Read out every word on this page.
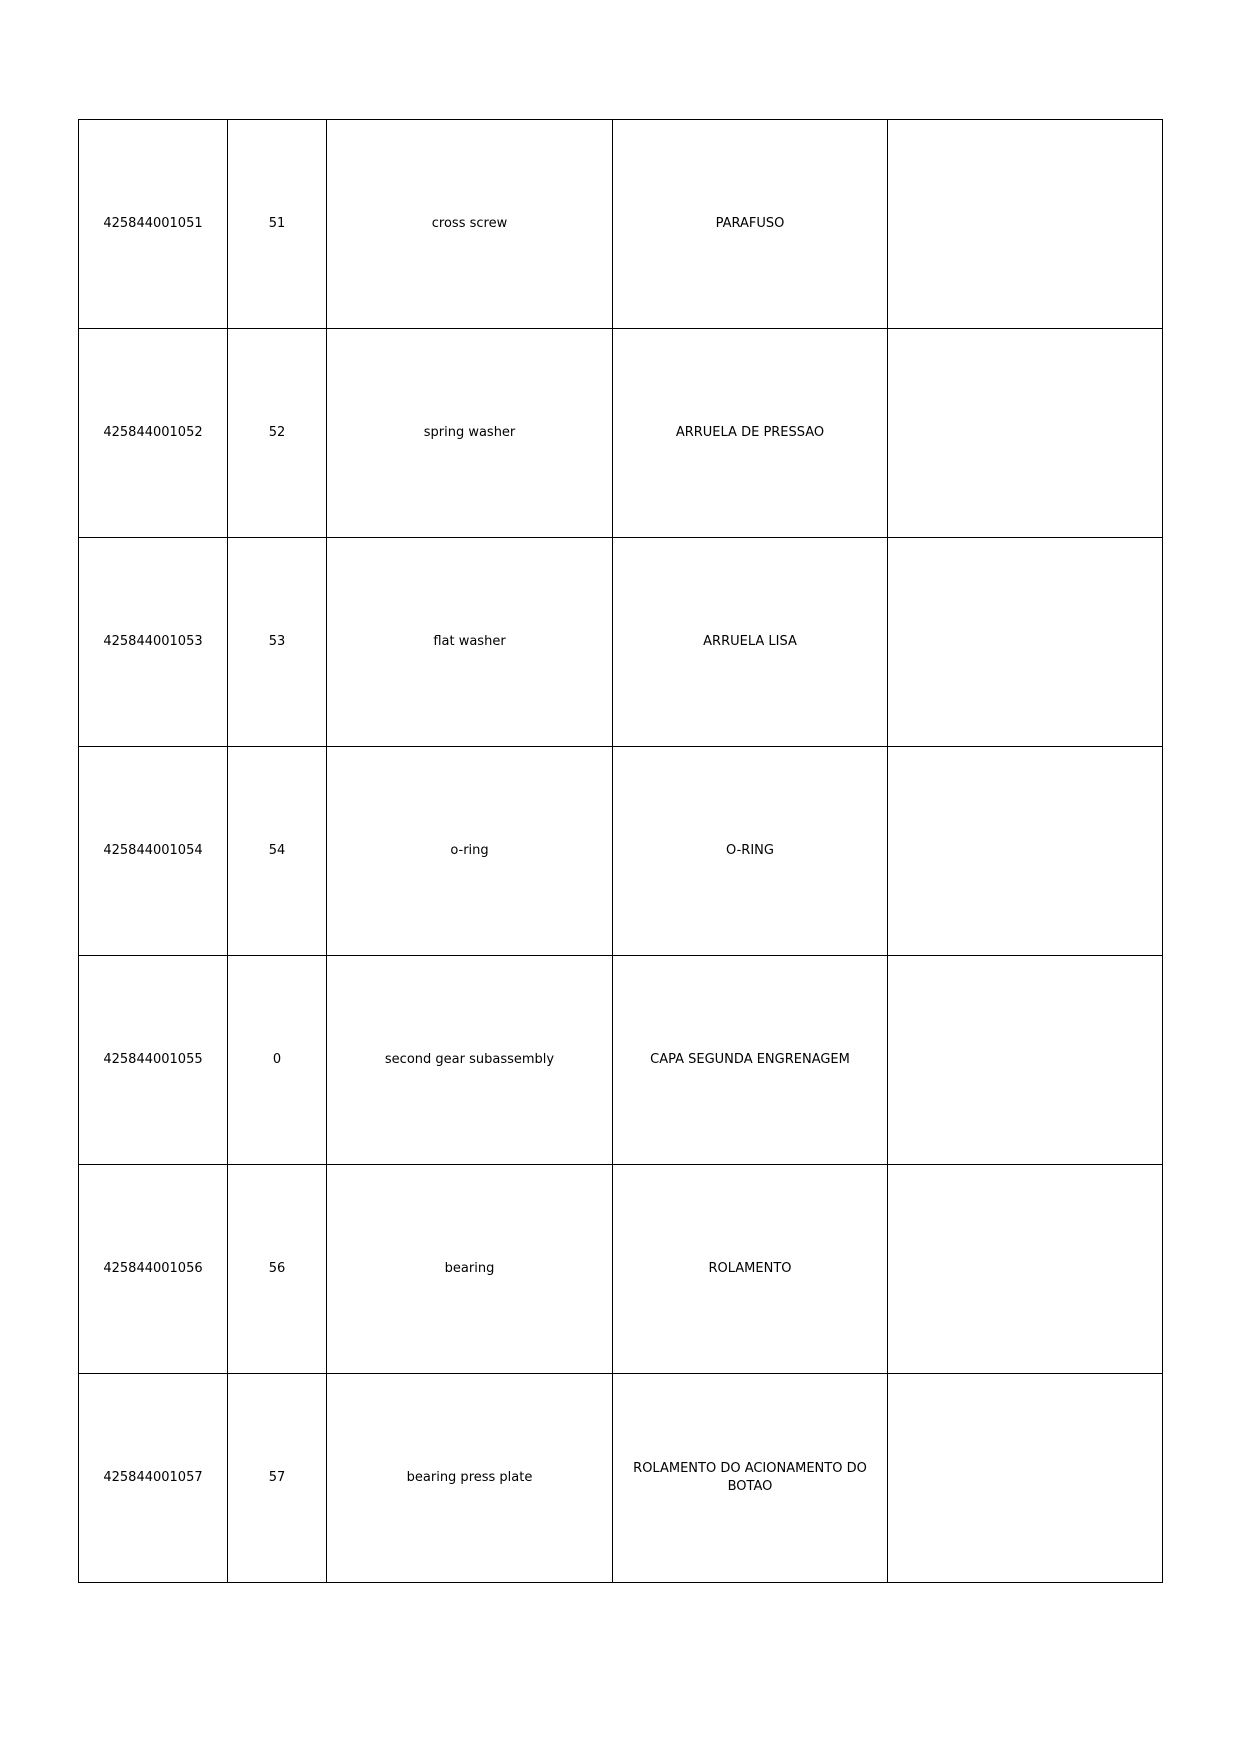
425844001051	51	cross screw	PARAFUSO	
425844001052	52	spring washer	ARRUELA DE PRESSAO	
425844001053	53	flat washer	ARRUELA LISA	
425844001054	54	o-ring	O-RING	
425844001055	0	second gear subassembly	CAPA SEGUNDA ENGRENAGEM	
425844001056	56	bearing	ROLAMENTO	
425844001057	57	bearing press plate	ROLAMENTO DO ACIONAMENTO DO BOTAO	
